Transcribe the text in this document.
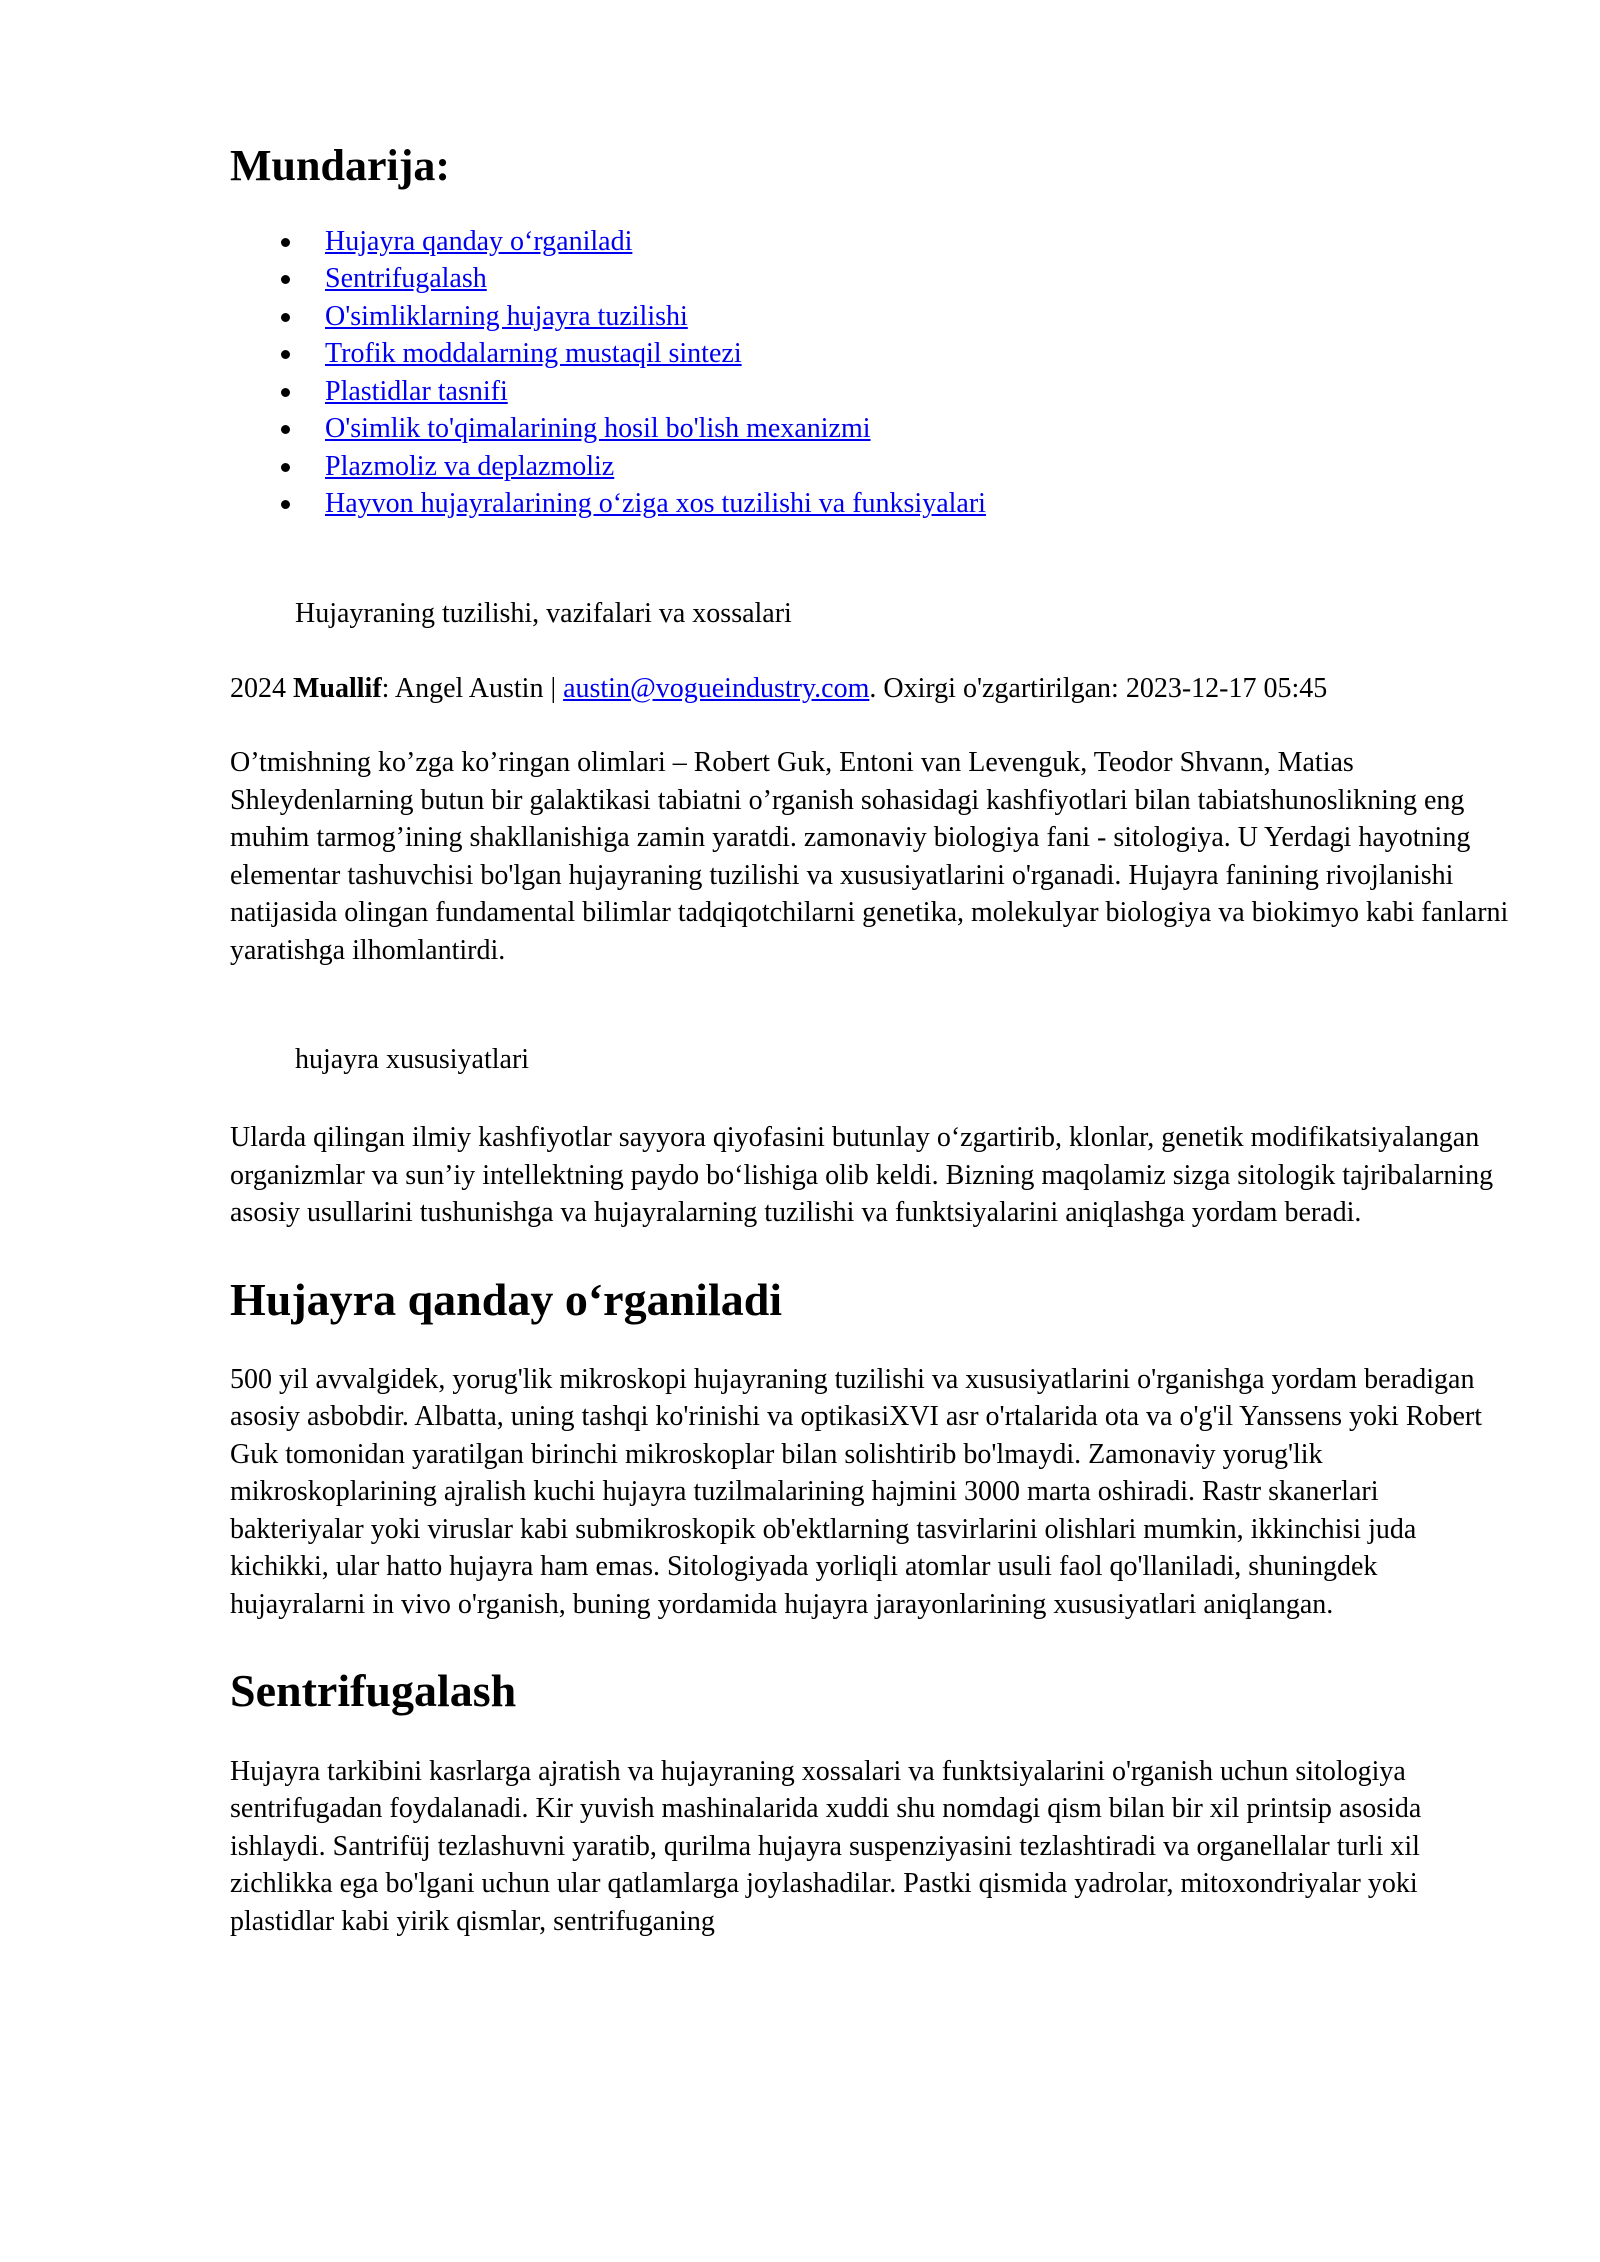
Mundarija:
Hujayra qanday o‘rganiladi
Sentrifugalash
O'simliklarning hujayra tuzilishi
Trofik moddalarning mustaqil sintezi
Plastidlar tasnifi
O'simlik to'qimalarining hosil bo'lish mexanizmi
Plazmoliz va deplazmoliz
Hayvon hujayralarining o‘ziga xos tuzilishi va funksiyalari
Hujayraning tuzilishi, vazifalari va xossalari
2024 Muallif: Angel Austin | austin@vogueindustry.com. Oxirgi o'zgartirilgan: 2023-12-17 05:45

O’tmishning ko’zga ko’ringan olimlari – Robert Guk, Entoni van Levenguk, Teodor Shvann, Matias Shleydenlarning butun bir galaktikasi tabiatni o’rganish sohasidagi kashfiyotlari bilan tabiatshunoslikning eng muhim tarmog’ining shakllanishiga zamin yaratdi. zamonaviy biologiya fani - sitologiya. U Yerdagi hayotning elementar tashuvchisi bo'lgan hujayraning tuzilishi va xususiyatlarini o'rganadi. Hujayra fanining rivojlanishi natijasida olingan fundamental bilimlar tadqiqotchilarni genetika, molekulyar biologiya va biokimyo kabi fanlarni yaratishga ilhomlantirdi.

hujayra xususiyatlari

Ularda qilingan ilmiy kashfiyotlar sayyora qiyofasini butunlay o‘zgartirib, klonlar, genetik modifikatsiyalangan organizmlar va sun’iy intellektning paydo bo‘lishiga olib keldi. Bizning maqolamiz sizga sitologik tajribalarning asosiy usullarini tushunishga va hujayralarning tuzilishi va funktsiyalarini aniqlashga yordam beradi.

Hujayra qanday o‘rganiladi

500 yil avvalgidek, yorug'lik mikroskopi hujayraning tuzilishi va xususiyatlarini o'rganishga yordam beradigan asosiy asbobdir. Albatta, uning tashqi ko'rinishi va optikasiXVI asr o'rtalarida ota va o'g'il Yanssens yoki Robert Guk tomonidan yaratilgan birinchi mikroskoplar bilan solishtirib bo'lmaydi. Zamonaviy yorug'lik mikroskoplarining ajralish kuchi hujayra tuzilmalarining hajmini 3000 marta oshiradi. Rastr skanerlari bakteriyalar yoki viruslar kabi submikroskopik ob'ektlarning tasvirlarini olishlari mumkin, ikkinchisi juda kichikki, ular hatto hujayra ham emas. Sitologiyada yorliqli atomlar usuli faol qo'llaniladi, shuningdek hujayralarni in vivo o'rganish, buning yordamida hujayra jarayonlarining xususiyatlari aniqlangan.

Sentrifugalash

Hujayra tarkibini kasrlarga ajratish va hujayraning xossalari va funktsiyalarini o'rganish uchun sitologiya sentrifugadan foydalanadi. Kir yuvish mashinalarida xuddi shu nomdagi qism bilan bir xil printsip asosida ishlaydi. Santrifüj tezlashuvni yaratib, qurilma hujayra suspenziyasini tezlashtiradi va organellalar turli xil zichlikka ega bo'lgani uchun ular qatlamlarga joylashadilar. Pastki qismida yadrolar, mitoxondriyalar yoki plastidlar kabi yirik qismlar, sentrifuganing
